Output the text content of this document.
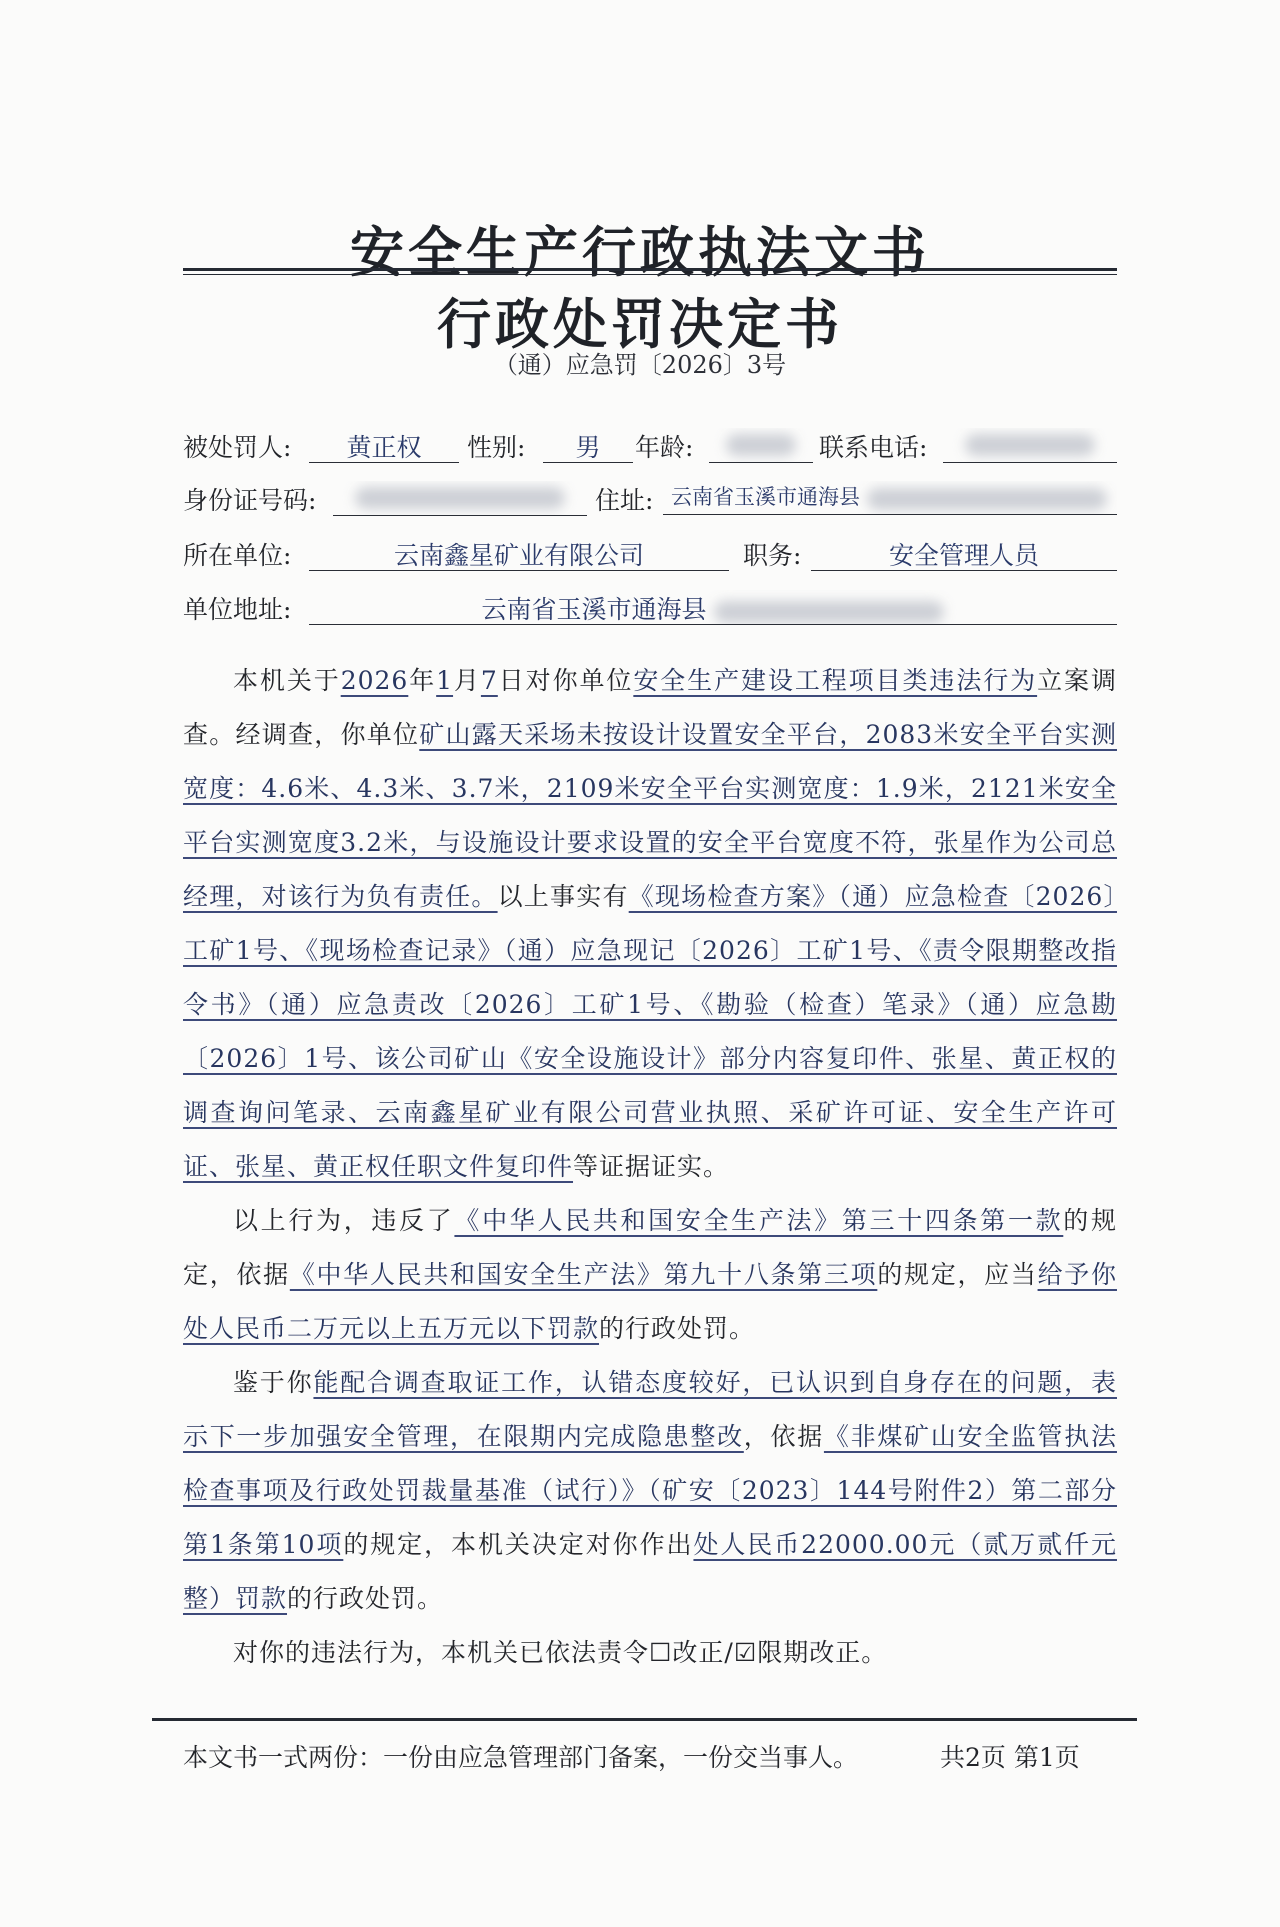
安全生产行政执法文书
行政处罚决定书
（通）应急罚〔2026〕3号
被处罚人:	黄正权	性别:	男	年龄:	联系电话:
身份证号码:	住址: 云南省玉溪市通海县
所在单位:	云南鑫星矿业有限公司	职务:	安全管理人员
单位地址:	云南省玉溪市通海县

本机关于2026年1月7日对你单位安全生产建设工程项目类违法行为立案调查。经调查，你单位矿山露天采场未按设计设置安全平台，2083米安全平台实测宽度：4.6米、4.3米、3.7米，2109米安全平台实测宽度：1.9米，2121米安全平台实测宽度3.2米，与设施设计要求设置的安全平台宽度不符，张星作为公司总经理，对该行为负有责任。以上事实有《现场检查方案》（通）应急检查〔2026〕工矿1号、《现场检查记录》（通）应急现记〔2026〕工矿1号、《责令限期整改指令书》（通）应急责改〔2026〕工矿1号、《勘验（检查）笔录》（通）应急勘〔2026〕1号、该公司矿山《安全设施设计》部分内容复印件、张星、黄正权的调查询问笔录、云南鑫星矿业有限公司营业执照、采矿许可证、安全生产许可证、张星、黄正权任职文件复印件等证据证实。

以上行为，违反了《中华人民共和国安全生产法》第三十四条第一款的规定，依据《中华人民共和国安全生产法》第九十八条第三项的规定，应当给予你处人民币二万元以上五万元以下罚款的行政处罚。

鉴于你能配合调查取证工作，认错态度较好，已认识到自身存在的问题，表示下一步加强安全管理，在限期内完成隐患整改，依据《非煤矿山安全监管执法检查事项及行政处罚裁量基准（试行）》（矿安〔2023〕144号附件2）第二部分第1条第10项的规定，本机关决定对你作出处人民币22000.00元（贰万贰仟元整）罚款的行政处罚。

对你的违法行为，本机关已依法责令☐改正/☑限期改正。

本文书一式两份：一份由应急管理部门备案，一份交当事人。	共2页 第1页
